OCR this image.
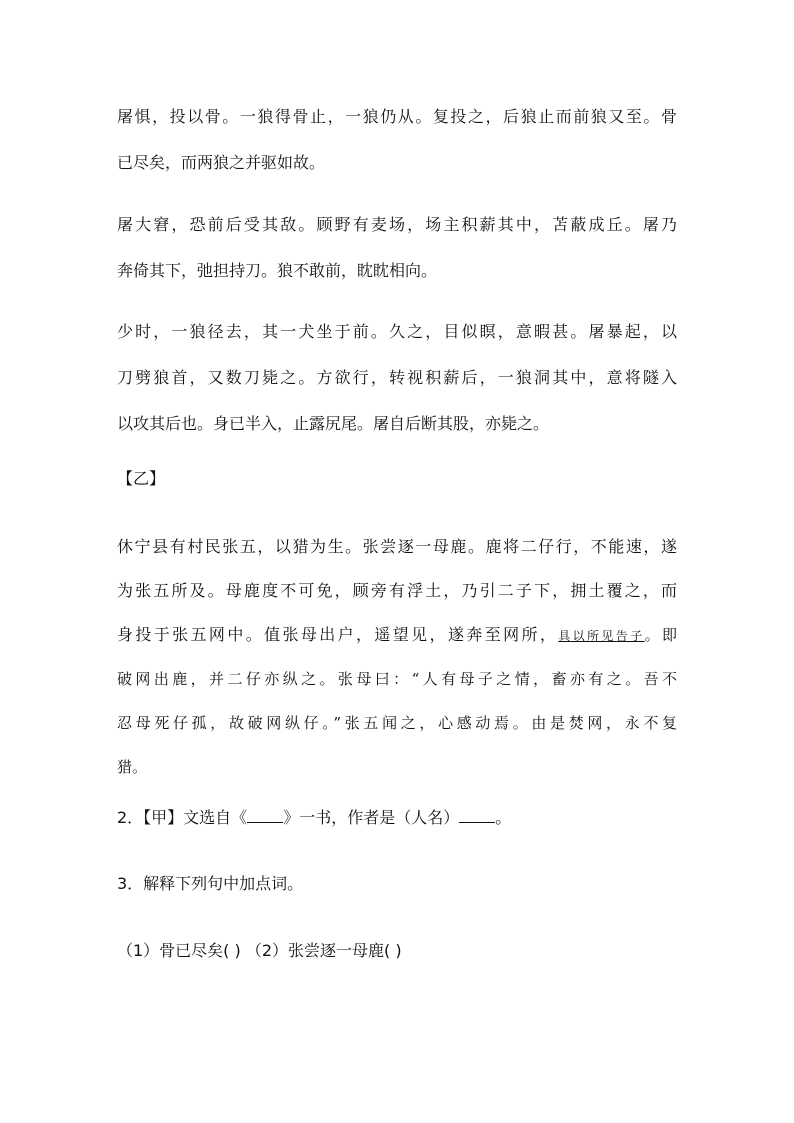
屠惧，投以骨。一狼得骨止，一狼仍从。复投之，后狼止而前狼又至。骨
已尽矣，而两狼之并驱如故。
屠大窘，恐前后受其敌。顾野有麦场，场主积薪其中，苫蔽成丘。屠乃
奔倚其下，弛担持刀。狼不敢前，眈眈相向。
少时，一狼径去，其一犬坐于前。久之，目似瞑，意暇甚。屠暴起，以
刀劈狼首，又数刀毙之。方欲行，转视积薪后，一狼洞其中，意将隧入
以攻其后也。身已半入，止露尻尾。屠自后断其股，亦毙之。
【乙】
休宁县有村民张五，以猎为生。张尝逐一母鹿。鹿将二仔行，不能速，遂
为张五所及。母鹿度不可免，顾旁有浮土，乃引二子下，拥土覆之，而
身投于张五网中。值张母出户，遥望见，遂奔至网所，具以所见告子。即
破网出鹿，并二仔亦纵之。张母曰：“人有母子之情，畜亦有之。吾不
忍母死仔孤，故破网纵仔。”张五闻之，心感动焉。由是焚网，永不复
猎。
2．【甲】文选自《 》一书，作者是（人名） 。
3．解释下列句中加点词。
（1）骨已尽矣( ) （2）张尝逐一母鹿( )
